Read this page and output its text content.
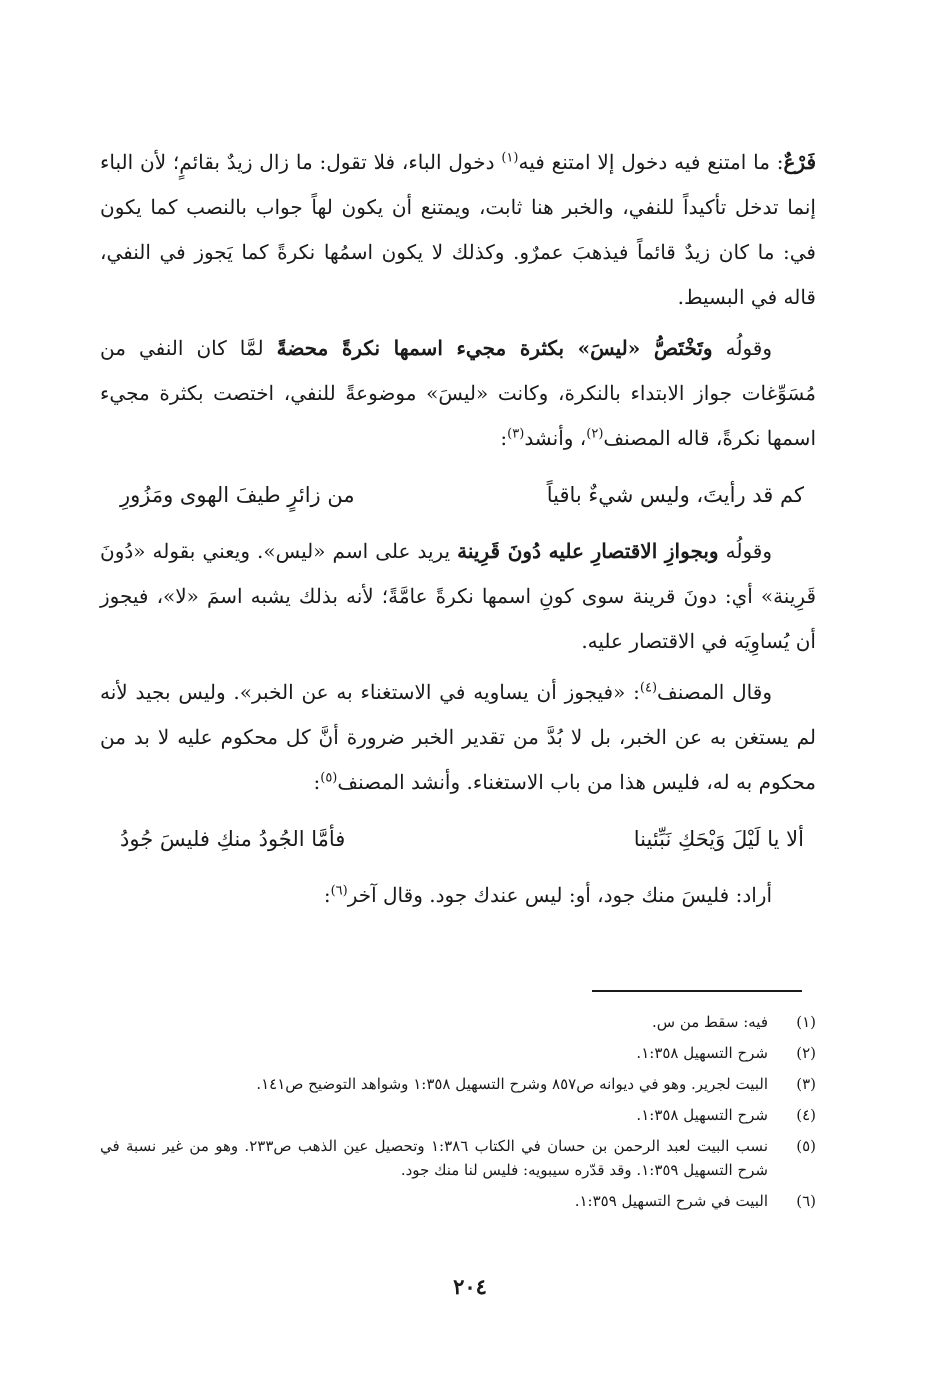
فَرْعٌ: ما امتنع فيه دخول إلا امتنع فيه$^{(١)}$ دخول الباء، فلا تقول: ما زال زيدٌ بقائمٍ؛ لأن الباء إنما تدخل تأكيداً للنفي، والخبر هنا ثابت، ويمتنع أن يكون لهاً جواب بالنصب كما يكون في: ما كان زيدٌ قائماً فيذهبَ عمرٌو. وكذلك لا يكون اسمُها نكرةً كما يَجوز في النفي، قاله في البسيط.

وقولُه وتَخْتَصُّ «ليسَ» بكثرة مجيء اسمها نكرةً محضةً لمَّا كان النفي من مُسَوِّغات جواز الابتداء بالنكرة، وكانت «ليسَ» موضوعةً للنفي، اختصت بكثرة مجيء اسمها نكرةً، قاله المصنف$^{(٢)}$، وأنشد$^{(٣)}$:

كم قد رأيتَ، وليس شيءٌ باقياً
من زائرٍ طيفَ الهوى ومَزُورِ

وقولُه وبجوازِ الاقتصارِ عليه دُونَ قَرِينة يريد على اسم «ليس». ويعني بقوله «دُونَ قَرِينة» أي: دونَ قرينة سوى كونِ اسمها نكرةً عامَّةً؛ لأنه بذلك يشبه اسمَ «لا»، فيجوز أن يُساوِيَه في الاقتصار عليه.

وقال المصنف$^{(٤)}$: «فيجوز أن يساويه في الاستغناء به عن الخبر». وليس بجيد لأنه لم يستغن به عن الخبر، بل لا بُدَّ من تقدير الخبر ضرورة أنَّ كل محكوم عليه لا بد من محكوم به له، فليس هذا من باب الاستغناء. وأنشد المصنف$^{(٥)}$:

ألا يا لَيْلَ وَيْحَكِ نَبِّئينا
فأمَّا الجُودُ منكِ فليسَ جُودُ

أراد: فليسَ منك جود، أو: ليس عندك جود. وقال آخر$^{(٦)}$:

(١)
فيه: سقط من س.
(٢)
شرح التسهيل ١:٣٥٨.
(٣)
البيت لجرير. وهو في ديوانه ص٨٥٧ وشرح التسهيل ١:٣٥٨ وشواهد التوضيح ص١٤١.
(٤)
شرح التسهيل ١:٣٥٨.
(٥)
نسب البيت لعبد الرحمن بن حسان في الكتاب ١:٣٨٦ وتحصيل عين الذهب ص٢٣٣. وهو من غير نسبة في شرح التسهيل ١:٣٥٩. وقد قدّره سيبويه: فليس لنا منك جود.
(٦)
البيت في شرح التسهيل ١:٣٥٩.
٢٠٤
